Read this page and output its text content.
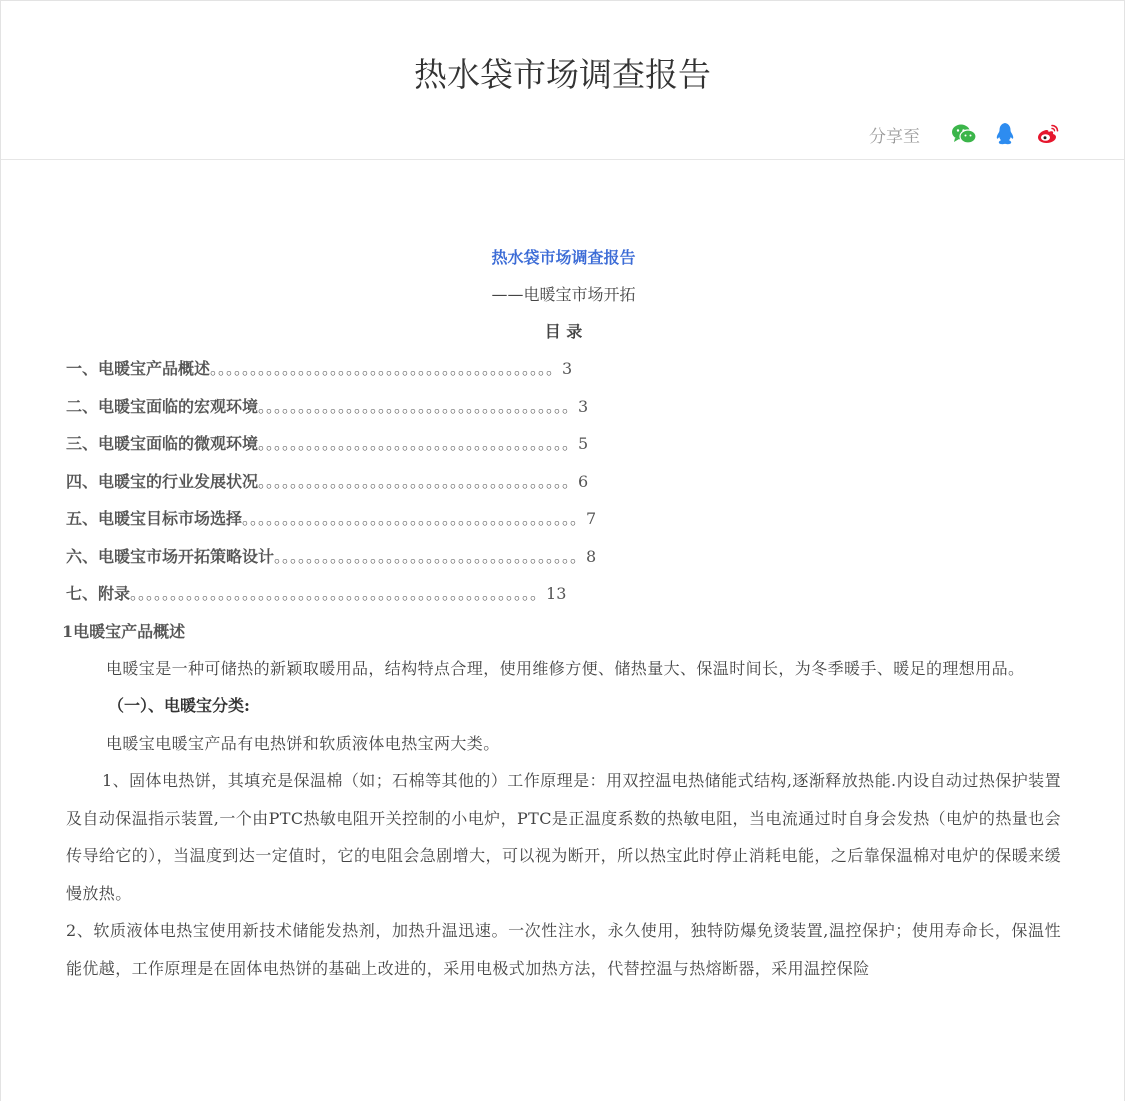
热水袋市场调查报告
分享至
热水袋市场调查报告
——电暖宝市场开拓
目 录
一、电暖宝产品概述。。。。。。。。。。。。。。。。。。。。。。。。。。。。。。。。。。。。。。。。。。。3
二、电暖宝面临的宏观环境。。。。。。。。。。。。。。。。。。。。。。。。。。。。。。。。。。。。。。。3
三、电暖宝面临的微观环境。。。。。。。。。。。。。。。。。。。。。。。。。。。。。。。。。。。。。。。5
四、电暖宝的行业发展状况。。。。。。。。。。。。。。。。。。。。。。。。。。。。。。。。。。。。。。。6
五、电暖宝目标市场选择。。。。。。。。。。。。。。。。。。。。。。。。。。。。。。。。。。。。。。。。。。7
六、电暖宝市场开拓策略设计。。。。。。。。。。。。。。。。。。。。。。。。。。。。。。。。。。。。。。8
七、附录。。。。。。。。。。。。。。。。。。。。。。。。。。。。。。。。。。。。。。。。。。。。。。。。。。。13
1电暖宝产品概述

电暖宝是一种可储热的新颖取暖用品，结构特点合理，使用维修方便、储热量大、保温时间长，为冬季暖手、暖足的理想用品。

（一）、电暖宝分类:

电暖宝电暖宝产品有电热饼和软质液体电热宝两大类。

1、固体电热饼，其填充是保温棉（如；石棉等其他的）工作原理是：用双控温电热储能式结构,逐渐释放热能.内设自动过热保护装置及自动保温指示装置,一个由PTC热敏电阻开关控制的小电炉，PTC是正温度系数的热敏电阻，当电流通过时自身会发热（电炉的热量也会传导给它的），当温度到达一定值时，它的电阻会急剧增大，可以视为断开，所以热宝此时停止消耗电能，之后靠保温棉对电炉的保暖来缓慢放热。

2、软质液体电热宝使用新技术储能发热剂，加热升温迅速。一次性注水，永久使用，独特防爆免烫装置,温控保护；使用寿命长，保温性能优越，工作原理是在固体电热饼的基础上改进的，采用电极式加热方法，代替控温与热熔断器，采用温控保险
